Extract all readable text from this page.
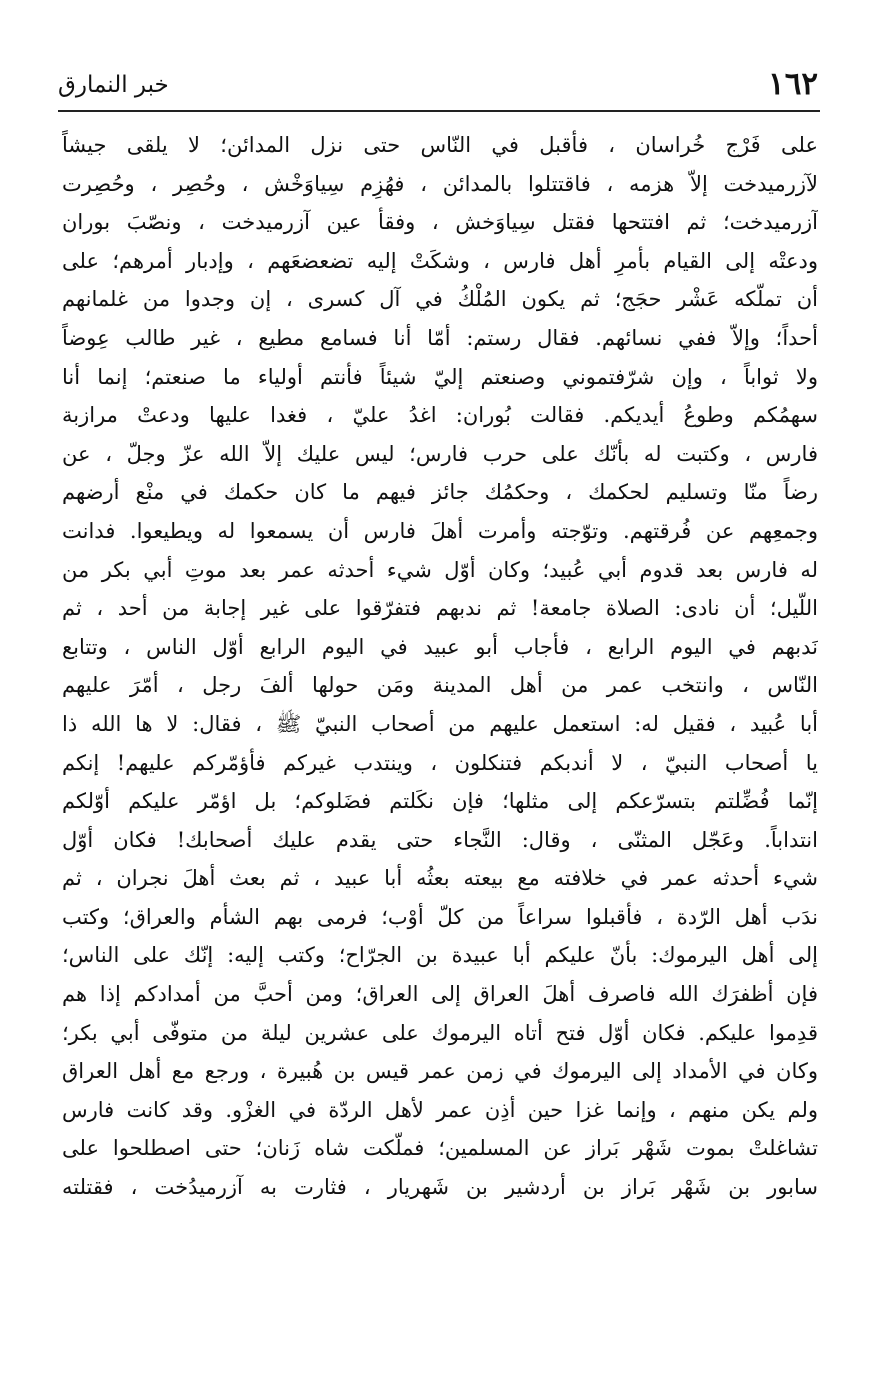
١٦٢
خبر النمارق
على فَرْج خُراسان ، فأقبل في النّاس حتى نزل المدائن؛ لا يلقى جيشاً
لآزرميدخت إلاّ هزمه ، فاقتتلوا بالمدائن ، فهُزِم سِياوَخْش ، وحُصِر ، وحُصِرت
آزرميدخت؛ ثم افتتحها فقتل سِياوَخش ، وفقأ عين آزرميدخت ، ونصّبَ بوران
ودعتْه إلى القيام بأمرِ أهل فارس ، وشكَتْ إليه تضعضعَهم ، وإدبار أمرهم؛ على
أن تملّكه عَشْر حجَج؛ ثم يكون المُلْكُ في آل كسرى ، إن وجدوا من غلمانهم
أحداً؛ وإلاّ ففي نسائهم. فقال رستم: أمّا أنا فسامع مطيع ، غير طالب عِوضاً
ولا ثواباً ، وإن شرّفتموني وصنعتم إليّ شيئاً فأنتم أولياء ما صنعتم؛ إنما أنا
سهمُكم وطوعُ أيديكم. فقالت بُوران: اغدُ عليّ ، فغدا عليها ودعتْ مرازبة
فارس ، وكتبت له بأنّك على حرب فارس؛ ليس عليك إلاّ الله عزّ وجلّ ، عن
رضاً منّا وتسليم لحكمك ، وحكمُك جائز فيهم ما كان حكمك في منْع أرضهم
وجمعِهم عن فُرقتهم. وتوّجته وأمرت أهلَ فارس أن يسمعوا له ويطيعوا. فدانت
له فارس بعد قدوم أبي عُبيد؛ وكان أوّل شيء أحدثه عمر بعد موتِ أبي بكر من
اللّيل؛ أن نادى: الصلاة جامعة! ثم ندبهم فتفرّقوا على غير إجابة من أحد ، ثم
نَدبهم في اليوم الرابع ، فأجاب أبو عبيد في اليوم الرابع أوّل الناس ، وتتابع
النّاس ، وانتخب عمر من أهل المدينة ومَن حولها ألفَ رجل ، أمّرَ عليهم
أبا عُبيد ، فقيل له: استعمل عليهم من أصحاب النبيّ ﷺ ، فقال: لا ها الله ذا
يا أصحاب النبيّ ، لا أندبكم فتنكلون ، وينتدب غيركم فأؤمّركم عليهم! إنكم
إنّما فُضِّلتم بتسرّعكم إلى مثلها؛ فإن نكَلتم فضَلوكم؛ بل اؤمّر عليكم أوّلكم
انتداباً. وعَجّل المثنّى ، وقال: النَّجاء حتى يقدم عليك أصحابك! فكان أوّل
شيء أحدثه عمر في خلافته مع بيعته بعثُه أبا عبيد ، ثم بعث أهلَ نجران ، ثم
ندَب أهل الرّدة ، فأقبلوا سراعاً من كلّ أوْب؛ فرمى بهم الشأم والعراق؛ وكتب
إلى أهل اليرموك: بأنّ عليكم أبا عبيدة بن الجرّاح؛ وكتب إليه: إنّك على الناس؛
فإن أظفرَك الله فاصرف أهلَ العراق إلى العراق؛ ومن أحبَّ من أمدادكم إذا هم
قدِموا عليكم. فكان أوّل فتح أتاه اليرموك على عشرين ليلة من متوفّى أبي بكر؛
وكان في الأمداد إلى اليرموك في زمن عمر قيس بن هُبيرة ، ورجع مع أهل العراق
ولم يكن منهم ، وإنما غزا حين أذِن عمر لأهل الردّة في الغزْو. وقد كانت فارس
تشاغلتْ بموت شَهْر بَراز عن المسلمين؛ فملّكت شاه زَنان؛ حتى اصطلحوا على
سابور بن شَهْر بَراز بن أردشير بن شَهريار ، فثارت به آزرميدُخت ، فقتلته
